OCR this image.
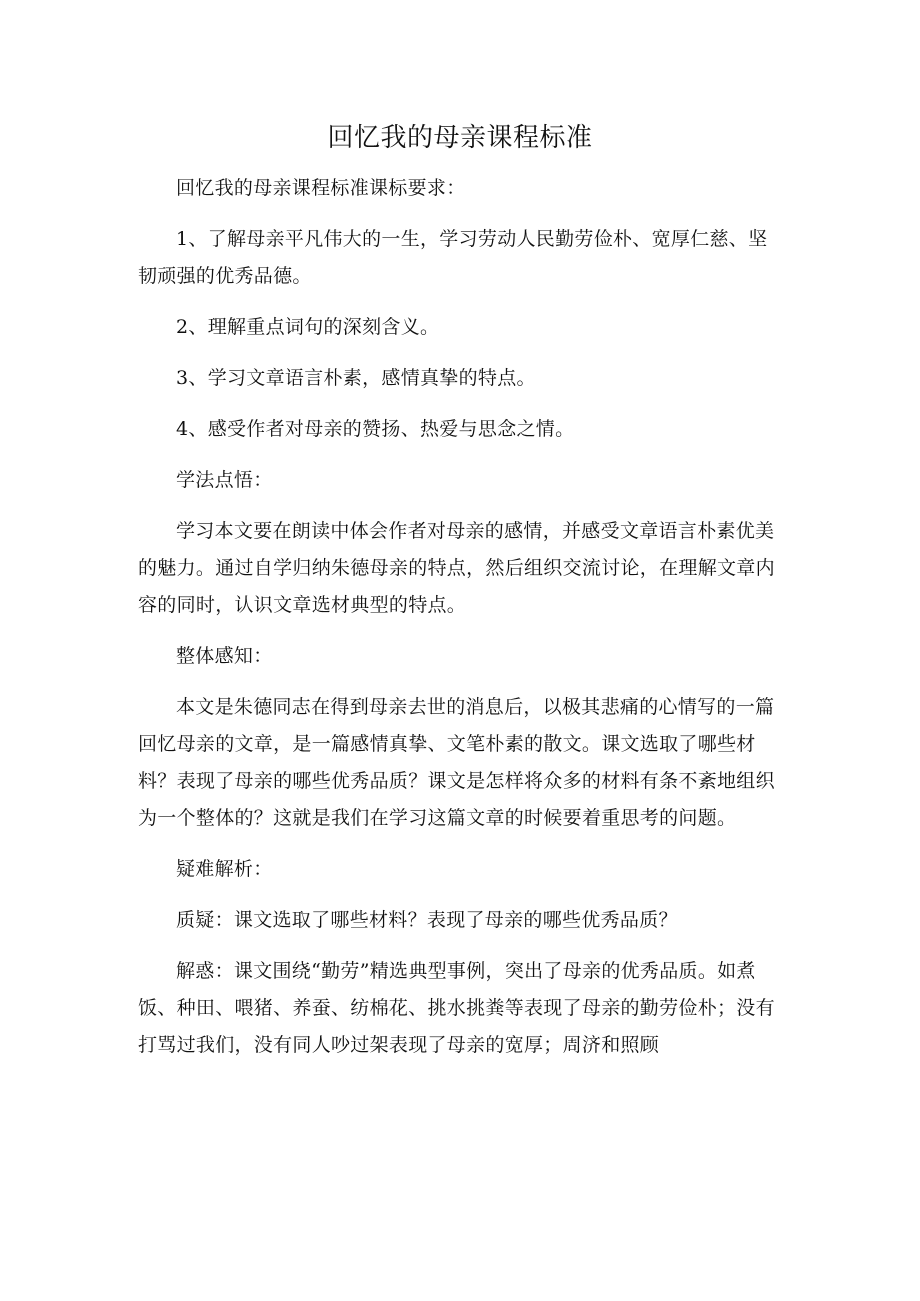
回忆我的母亲课程标准

回忆我的母亲课程标准课标要求：

1、了解母亲平凡伟大的一生，学习劳动人民勤劳俭朴、宽厚仁慈、坚韧顽强的优秀品德。

2、理解重点词句的深刻含义。

3、学习文章语言朴素，感情真挚的特点。

4、感受作者对母亲的赞扬、热爱与思念之情。

学法点悟：

学习本文要在朗读中体会作者对母亲的感情，并感受文章语言朴素优美的魅力。通过自学归纳朱德母亲的特点，然后组织交流讨论，在理解文章内容的同时，认识文章选材典型的特点。

整体感知：

本文是朱德同志在得到母亲去世的消息后，以极其悲痛的心情写的一篇回忆母亲的文章，是一篇感情真挚、文笔朴素的散文。课文选取了哪些材料？表现了母亲的哪些优秀品质？课文是怎样将众多的材料有条不紊地组织为一个整体的？这就是我们在学习这篇文章的时候要着重思考的问题。

疑难解析：

质疑：课文选取了哪些材料？表现了母亲的哪些优秀品质？

解惑：课文围绕“勤劳”精选典型事例，突出了母亲的优秀品质。如煮饭、种田、喂猪、养蚕、纺棉花、挑水挑粪等表现了母亲的勤劳俭朴；没有打骂过我们，没有同人吵过架表现了母亲的宽厚；周济和照顾
